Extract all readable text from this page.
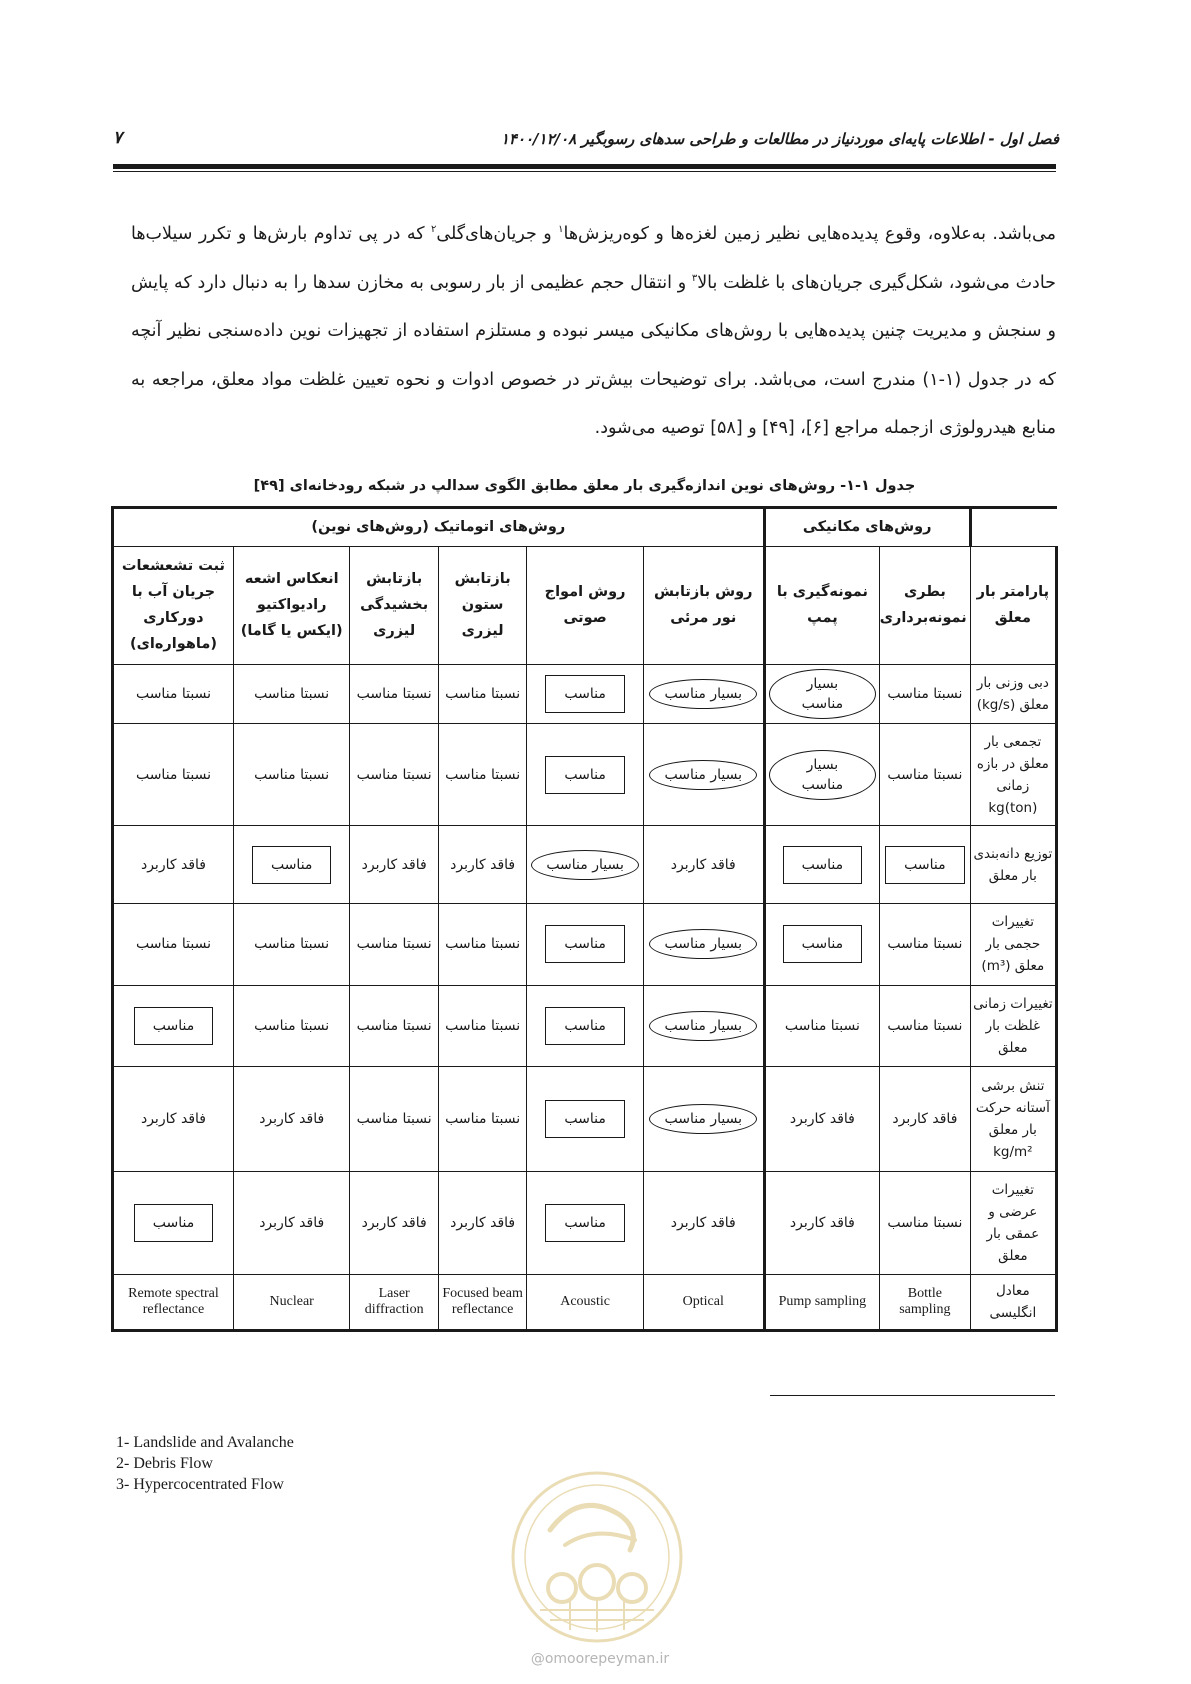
فصل اول - اطلاعات پایه‌ای موردنیاز در مطالعات و طراحی سدهای رسوبگیر ۱۴۰۰/۱۲/۰۸
۷
می‌باشد. به‌علاوه، وقوع پدیده‌هایی نظیر زمین لغزه‌ها و کوه‌ریزش‌ها$^۱$ و جریان‌های‌گلی$^۲$ که در پی تداوم بارش‌ها و تکرر سیلاب‌ها حادث می‌شود، شکل‌گیری جریان‌های با غلظت بالا$^۳$ و انتقال حجم عظیمی از بار رسوبی به مخازن سدها را به دنبال دارد که پایش و سنجش و مدیریت چنین پدیده‌هایی با روش‌های مکانیکی میسر نبوده و مستلزم استفاده از تجهیزات نوین داده‌سنجی نظیر آنچه که در جدول (۱-۱) مندرج است، می‌باشد. برای توضیحات بیش‌تر در خصوص ادوات و نحوه تعیین غلظت مواد معلق، مراجعه به منابع هیدرولوژی ازجمله مراجع [۶]، [۴۹] و [۵۸] توصیه می‌شود.
جدول ۱-۱- روش‌های نوین اندازه‌گیری بار معلق مطابق الگوی سدالپ در شبکه رودخانه‌ای [۴۹]
	روش‌های مکانیکی		روش‌های اتوماتیک (روش‌های نوین)					
پارامتر بار معلق	بطری نمونه‌برداری	نمونه‌گیری با پمپ	روش بازتابش نور مرئی	روش امواج صوتی	بازتابش ستون لیزری	بازتابش بخشیدگی لیزری	انعکاس اشعه رادیواکتیو (ایکس یا گاما)	ثبت تشعشعات جریان آب با دورکاری (ماهواره‌ای)
دبی وزنی بار معلق (kg/s)	نسبتا مناسب	بسیار مناسب	بسیار مناسب	مناسب	نسبتا مناسب	نسبتا مناسب	نسبتا مناسب	نسبتا مناسب
تجمعی بار معلق در بازه زمانی kg(ton)	نسبتا مناسب	بسیار مناسب	بسیار مناسب	مناسب	نسبتا مناسب	نسبتا مناسب	نسبتا مناسب	نسبتا مناسب
توزیع دانه‌بندی بار معلق	مناسب	مناسب	فاقد کاربرد	بسیار مناسب	فاقد کاربرد	فاقد کاربرد	مناسب	فاقد کاربرد
تغییرات حجمی بار معلق (m³)	نسبتا مناسب	مناسب	بسیار مناسب	مناسب	نسبتا مناسب	نسبتا مناسب	نسبتا مناسب	نسبتا مناسب
تغییرات زمانی غلظت بار معلق	نسبتا مناسب	نسبتا مناسب	بسیار مناسب	مناسب	نسبتا مناسب	نسبتا مناسب	نسبتا مناسب	مناسب
تنش برشی آستانه حرکت بار معلق kg/m²	فاقد کاربرد	فاقد کاربرد	بسیار مناسب	مناسب	نسبتا مناسب	نسبتا مناسب	فاقد کاربرد	فاقد کاربرد
تغییرات عرضی و عمقی بار معلق	نسبتا مناسب	فاقد کاربرد	فاقد کاربرد	مناسب	فاقد کاربرد	فاقد کاربرد	فاقد کاربرد	مناسب
معادل انگلیسی	Bottle sampling	Pump sampling	Optical	Acoustic	Focused beam reflectance	Laser diffraction	Nuclear	Remote spectral reflectance
1- Landslide and Avalanche
2- Debris Flow
3- Hypercocentrated Flow
@omoorepeyman.ir
